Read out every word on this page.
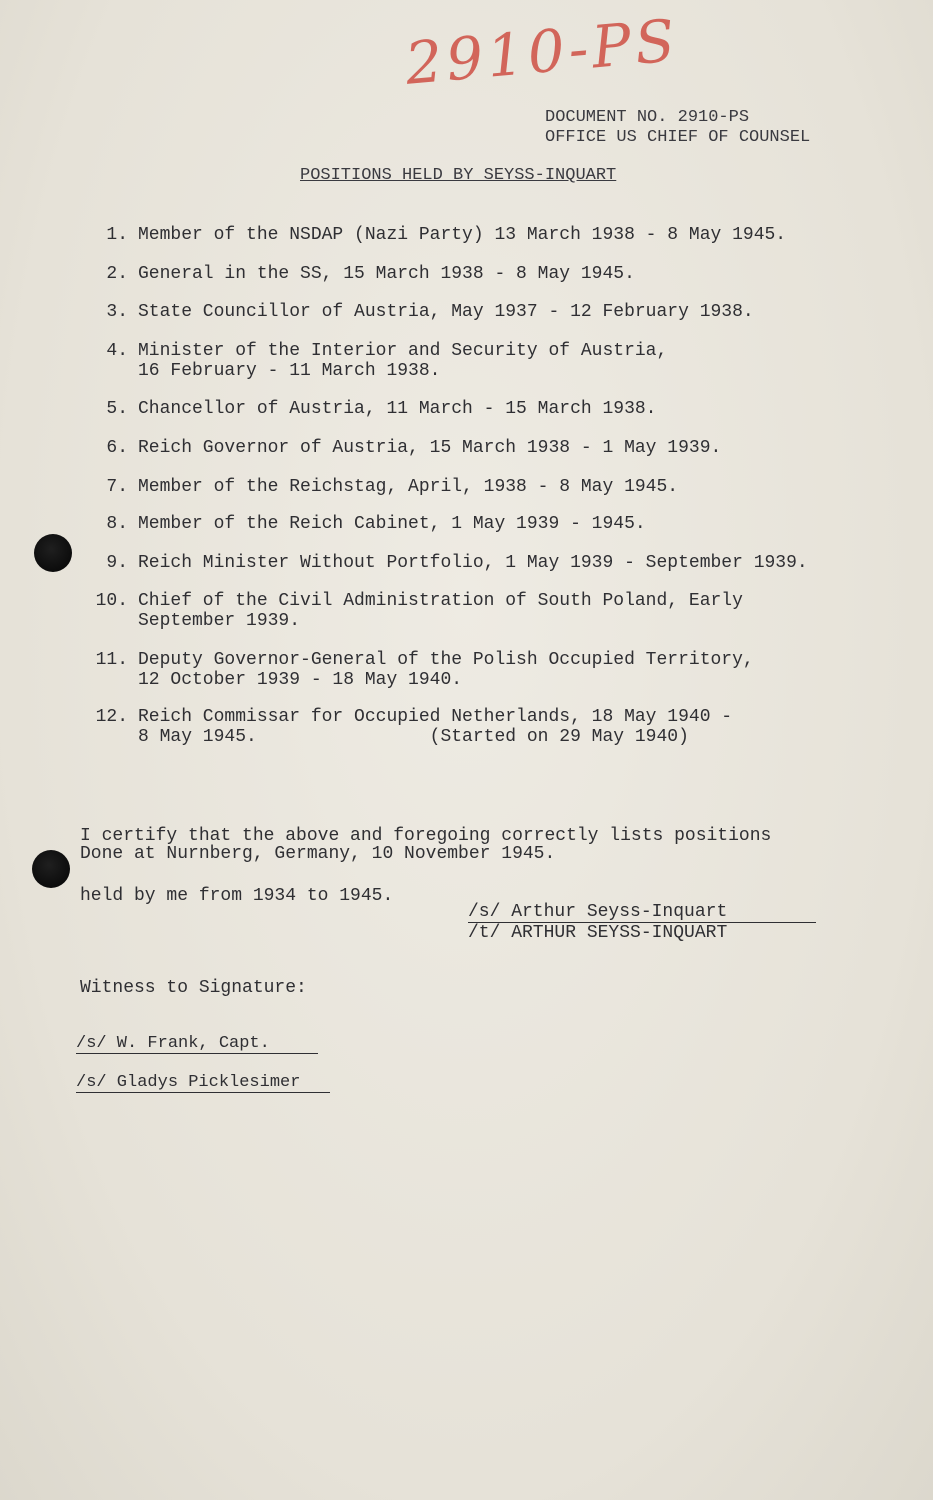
2910-PS
DOCUMENT NO. 2910-PS
OFFICE US CHIEF OF COUNSEL
POSITIONS HELD BY SEYSS-INQUART
1. Member of the NSDAP (Nazi Party) 13 March 1938 - 8 May 1945.
2. General in the SS, 15 March 1938 - 8 May 1945.
3. State Councillor of Austria, May 1937 - 12 February 1938.
4. Minister of the Interior and Security of Austria,
16 February - 11 March 1938.
5. Chancellor of Austria, 11 March - 15 March 1938.
6. Reich Governor of Austria, 15 March 1938 - 1 May 1939.
7. Member of the Reichstag, April, 1938 - 8 May 1945.
8. Member of the Reich Cabinet, 1 May 1939 - 1945.
9. Reich Minister Without Portfolio, 1 May 1939 - September 1939.
10. Chief of the Civil Administration of South Poland, Early
September 1939.
11. Deputy Governor-General of the Polish Occupied Territory,
12 October 1939 - 18 May 1940.
12. Reich Commissar for Occupied Netherlands, 18 May 1940 -
8 May 1945.                (Started on 29 May 1940)

I certify that the above and foregoing correctly lists positions

held by me from 1934 to 1945.

Done at Nurnberg, Germany, 10 November 1945.
/s/ Arthur Seyss-Inquart
/t/ ARTHUR SEYSS-INQUART
Witness to Signature:
/s/ W. Frank, Capt.
/s/ Gladys Picklesimer
